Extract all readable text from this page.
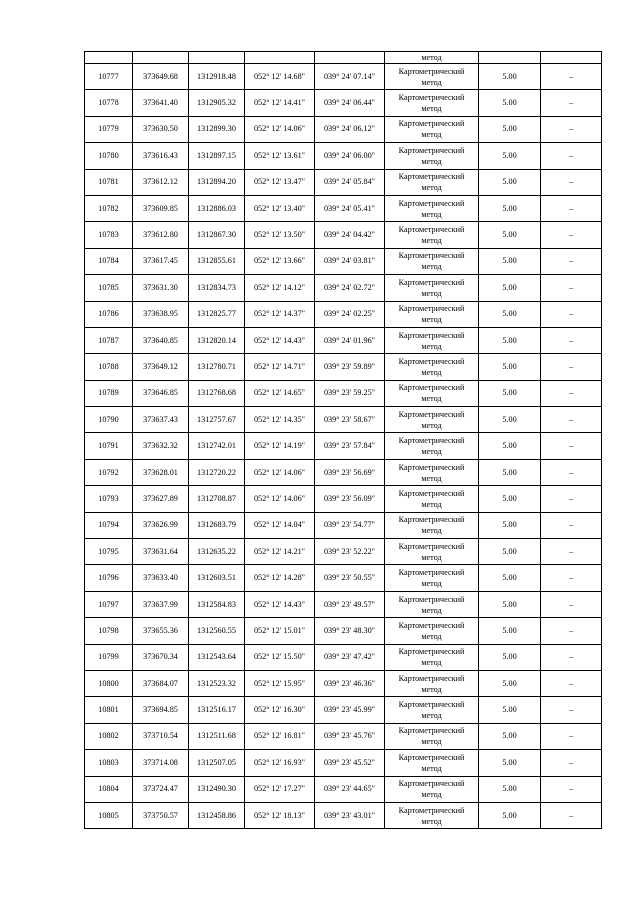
					метод		
10777	373649.68	1312918.48	052° 12' 14.68"	039° 24' 07.14"	Картометрический
метод	5.00	–
10778	373641.40	1312905.32	052° 12' 14.41"	039° 24' 06.44"	Картометрический
метод	5.00	–
10779	373630.50	1312899.30	052° 12' 14.06"	039° 24' 06.12"	Картометрический
метод	5.00	–
10780	373616.43	1312897.15	052° 12' 13.61"	039° 24' 06.00"	Картометрический
метод	5.00	–
10781	373612.12	1312894.20	052° 12' 13.47"	039° 24' 05.84"	Картометрический
метод	5.00	–
10782	373609.85	1312886.03	052° 12' 13.40"	039° 24' 05.41"	Картометрический
метод	5.00	–
10783	373612.80	1312867.30	052° 12' 13.50"	039° 24' 04.42"	Картометрический
метод	5.00	–
10784	373617.45	1312855.61	052° 12' 13.66"	039° 24' 03.81"	Картометрический
метод	5.00	–
10785	373631.30	1312834.73	052° 12' 14.12"	039° 24' 02.72"	Картометрический
метод	5.00	–
10786	373638.95	1312825.77	052° 12' 14.37"	039° 24' 02.25"	Картометрический
метод	5.00	–
10787	373640.85	1312820.14	052° 12' 14.43"	039° 24' 01.96"	Картометрический
метод	5.00	–
10788	373649.12	1312780.71	052° 12' 14.71"	039° 23' 59.89"	Картометрический
метод	5.00	–
10789	373646.85	1312768.68	052° 12' 14.65"	039° 23' 59.25"	Картометрический
метод	5.00	–
10790	373637.43	1312757.67	052° 12' 14.35"	039° 23' 58.67"	Картометрический
метод	5.00	–
10791	373632.32	1312742.01	052° 12' 14.19"	039° 23' 57.84"	Картометрический
метод	5.00	–
10792	373628.01	1312720.22	052° 12' 14.06"	039° 23' 56.69"	Картометрический
метод	5.00	–
10793	373627.89	1312708.87	052° 12' 14.06"	039° 23' 56.09"	Картометрический
метод	5.00	–
10794	373626.99	1312683.79	052° 12' 14.04"	039° 23' 54.77"	Картометрический
метод	5.00	–
10795	373631.64	1312635.22	052° 12' 14.21"	039° 23' 52.22"	Картометрический
метод	5.00	–
10796	373633.40	1312603.51	052° 12' 14.28"	039° 23' 50.55"	Картометрический
метод	5.00	–
10797	373637.99	1312584.83	052° 12' 14.43"	039° 23' 49.57"	Картометрический
метод	5.00	–
10798	373655.36	1312560.55	052° 12' 15.01"	039° 23' 48.30"	Картометрический
метод	5.00	–
10799	373670.34	1312543.64	052° 12' 15.50"	039° 23' 47.42"	Картометрический
метод	5.00	–
10800	373684.07	1312523.32	052° 12' 15.95"	039° 23' 46.36"	Картометрический
метод	5.00	–
10801	373694.85	1312516.17	052° 12' 16.30"	039° 23' 45.99"	Картометрический
метод	5.00	–
10802	373710.54	1312511.68	052° 12' 16.81"	039° 23' 45.76"	Картометрический
метод	5.00	–
10803	373714.08	1312507.05	052° 12' 16.93"	039° 23' 45.52"	Картометрический
метод	5.00	–
10804	373724.47	1312490.30	052° 12' 17.27"	039° 23' 44.65"	Картометрический
метод	5.00	–
10805	373750.57	1312458.86	052° 12' 18.13"	039° 23' 43.01"	Картометрический
метод	5.00	–
